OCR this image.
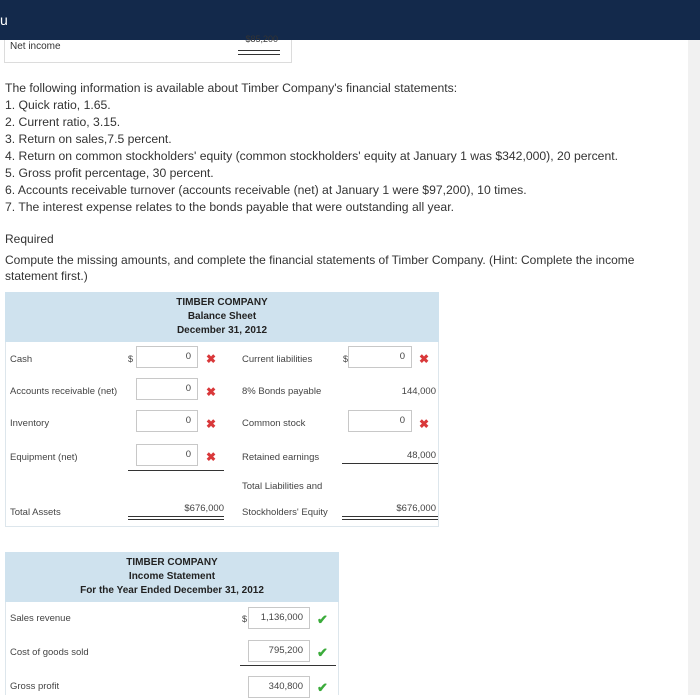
u
Net income
$85,200
The following information is available about Timber Company's financial statements:
1. Quick ratio, 1.65.
2. Current ratio, 3.15.
3. Return on sales,7.5 percent.
4. Return on common stockholders' equity (common stockholders' equity at January 1 was $342,000), 20 percent.
5. Gross profit percentage, 30 percent.
6. Accounts receivable turnover (accounts receivable (net) at January 1 were $97,200), 10 times.
7. The interest expense relates to the bonds payable that were outstanding all year.
Required
Compute the missing amounts, and complete the financial statements of Timber Company. (Hint: Complete the income statement first.)
TIMBER COMPANY
Balance Sheet
December 31, 2012
Cash	$	0	✖
Accounts receivable (net)	0	✖
Inventory	0	✖
Equipment (net)	0	✖
Total Assets	$676,000
Current liabilities	$	0	✖
8% Bonds payable	144,000
Common stock	0	✖
Retained earnings	48,000
Total Liabilities and
Stockholders' Equity	$676,000
TIMBER COMPANY
Income Statement
For the Year Ended December 31, 2012
Sales revenue	$	1,136,000	✔
Cost of goods sold	795,200	✔
Gross profit	340,800	✔
